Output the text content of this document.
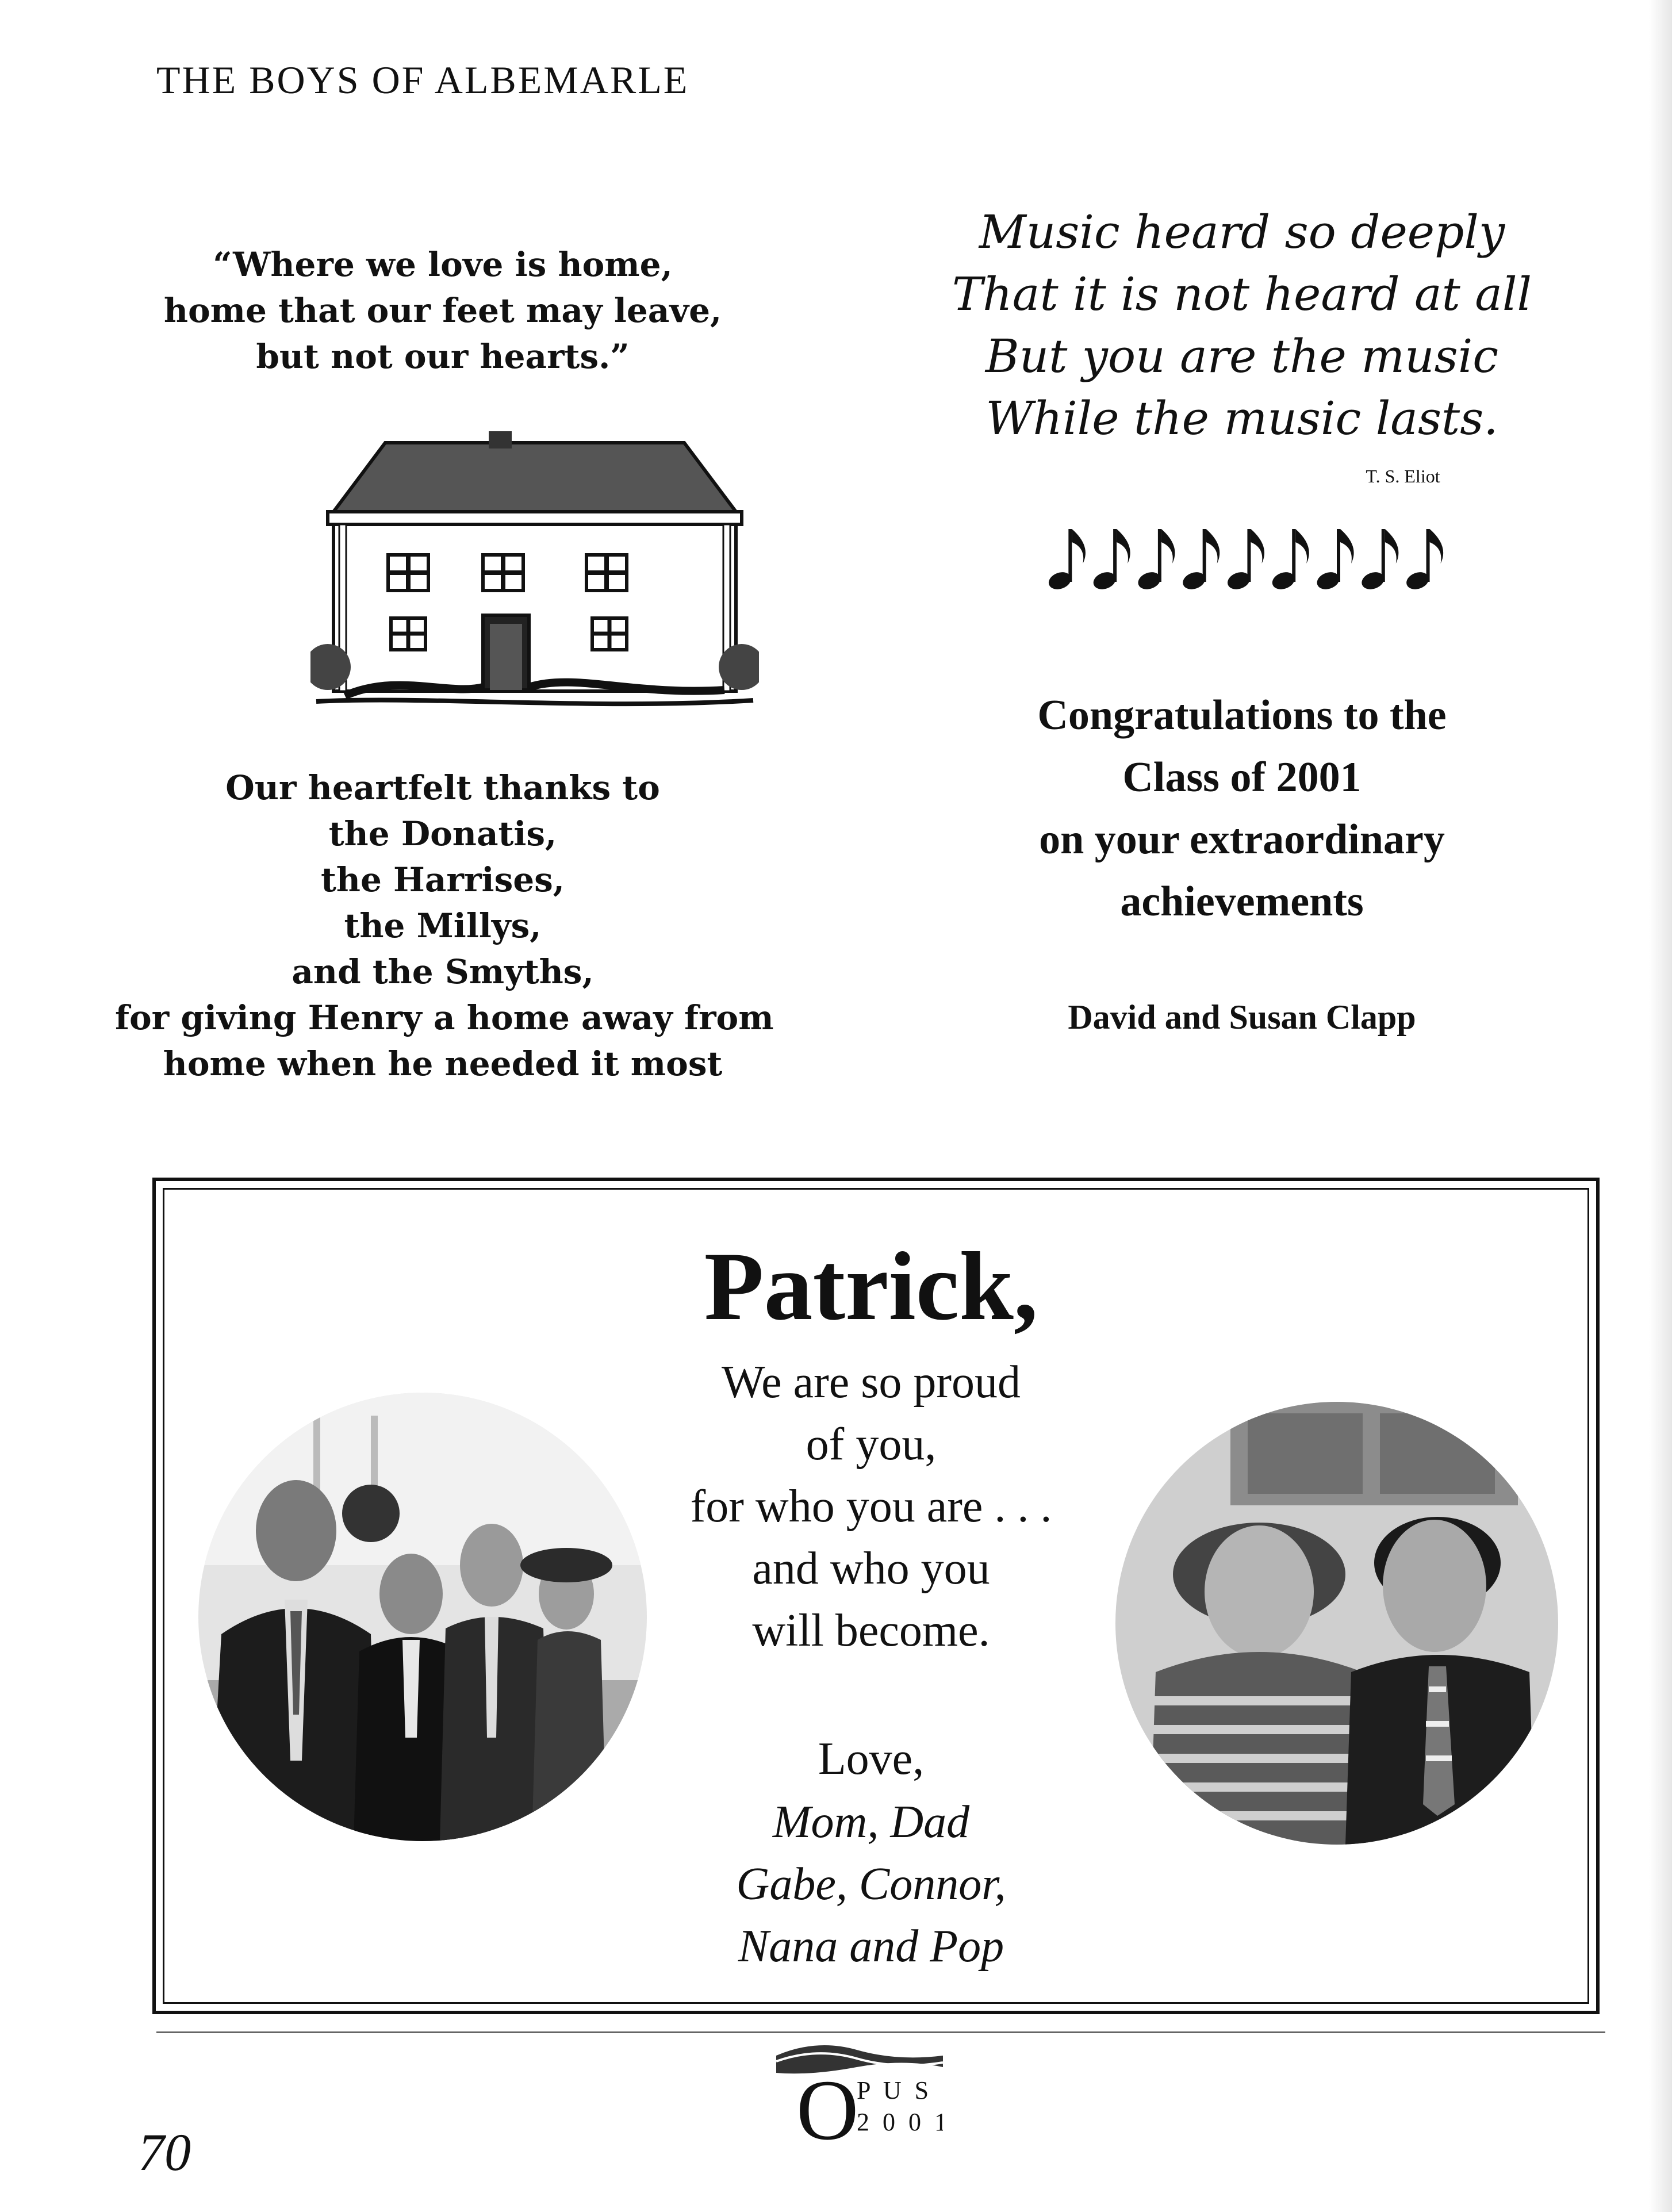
THE BOYS OF ALBEMARLE
“Where we love is home,
home that our feet may leave,
but not our hearts.”
Our heartfelt thanks to
the Donatis,
the Harrises,
the Millys,
and the Smyths,
for giving Henry a home away from
home when he needed it most
Music heard so deeply
That it is not heard at all
But you are the music
While the music lasts.
T. S. Eliot
Congratulations to the
Class of 2001
on your extraordinary
achievements
David and Susan Clapp
Patrick,
We are so proud
of you,
for who you are . . .
and who you
will become.
Love,
Mom, Dad
Gabe, Connor,
Nana and Pop
O
P U S
2 0 0 1
70
